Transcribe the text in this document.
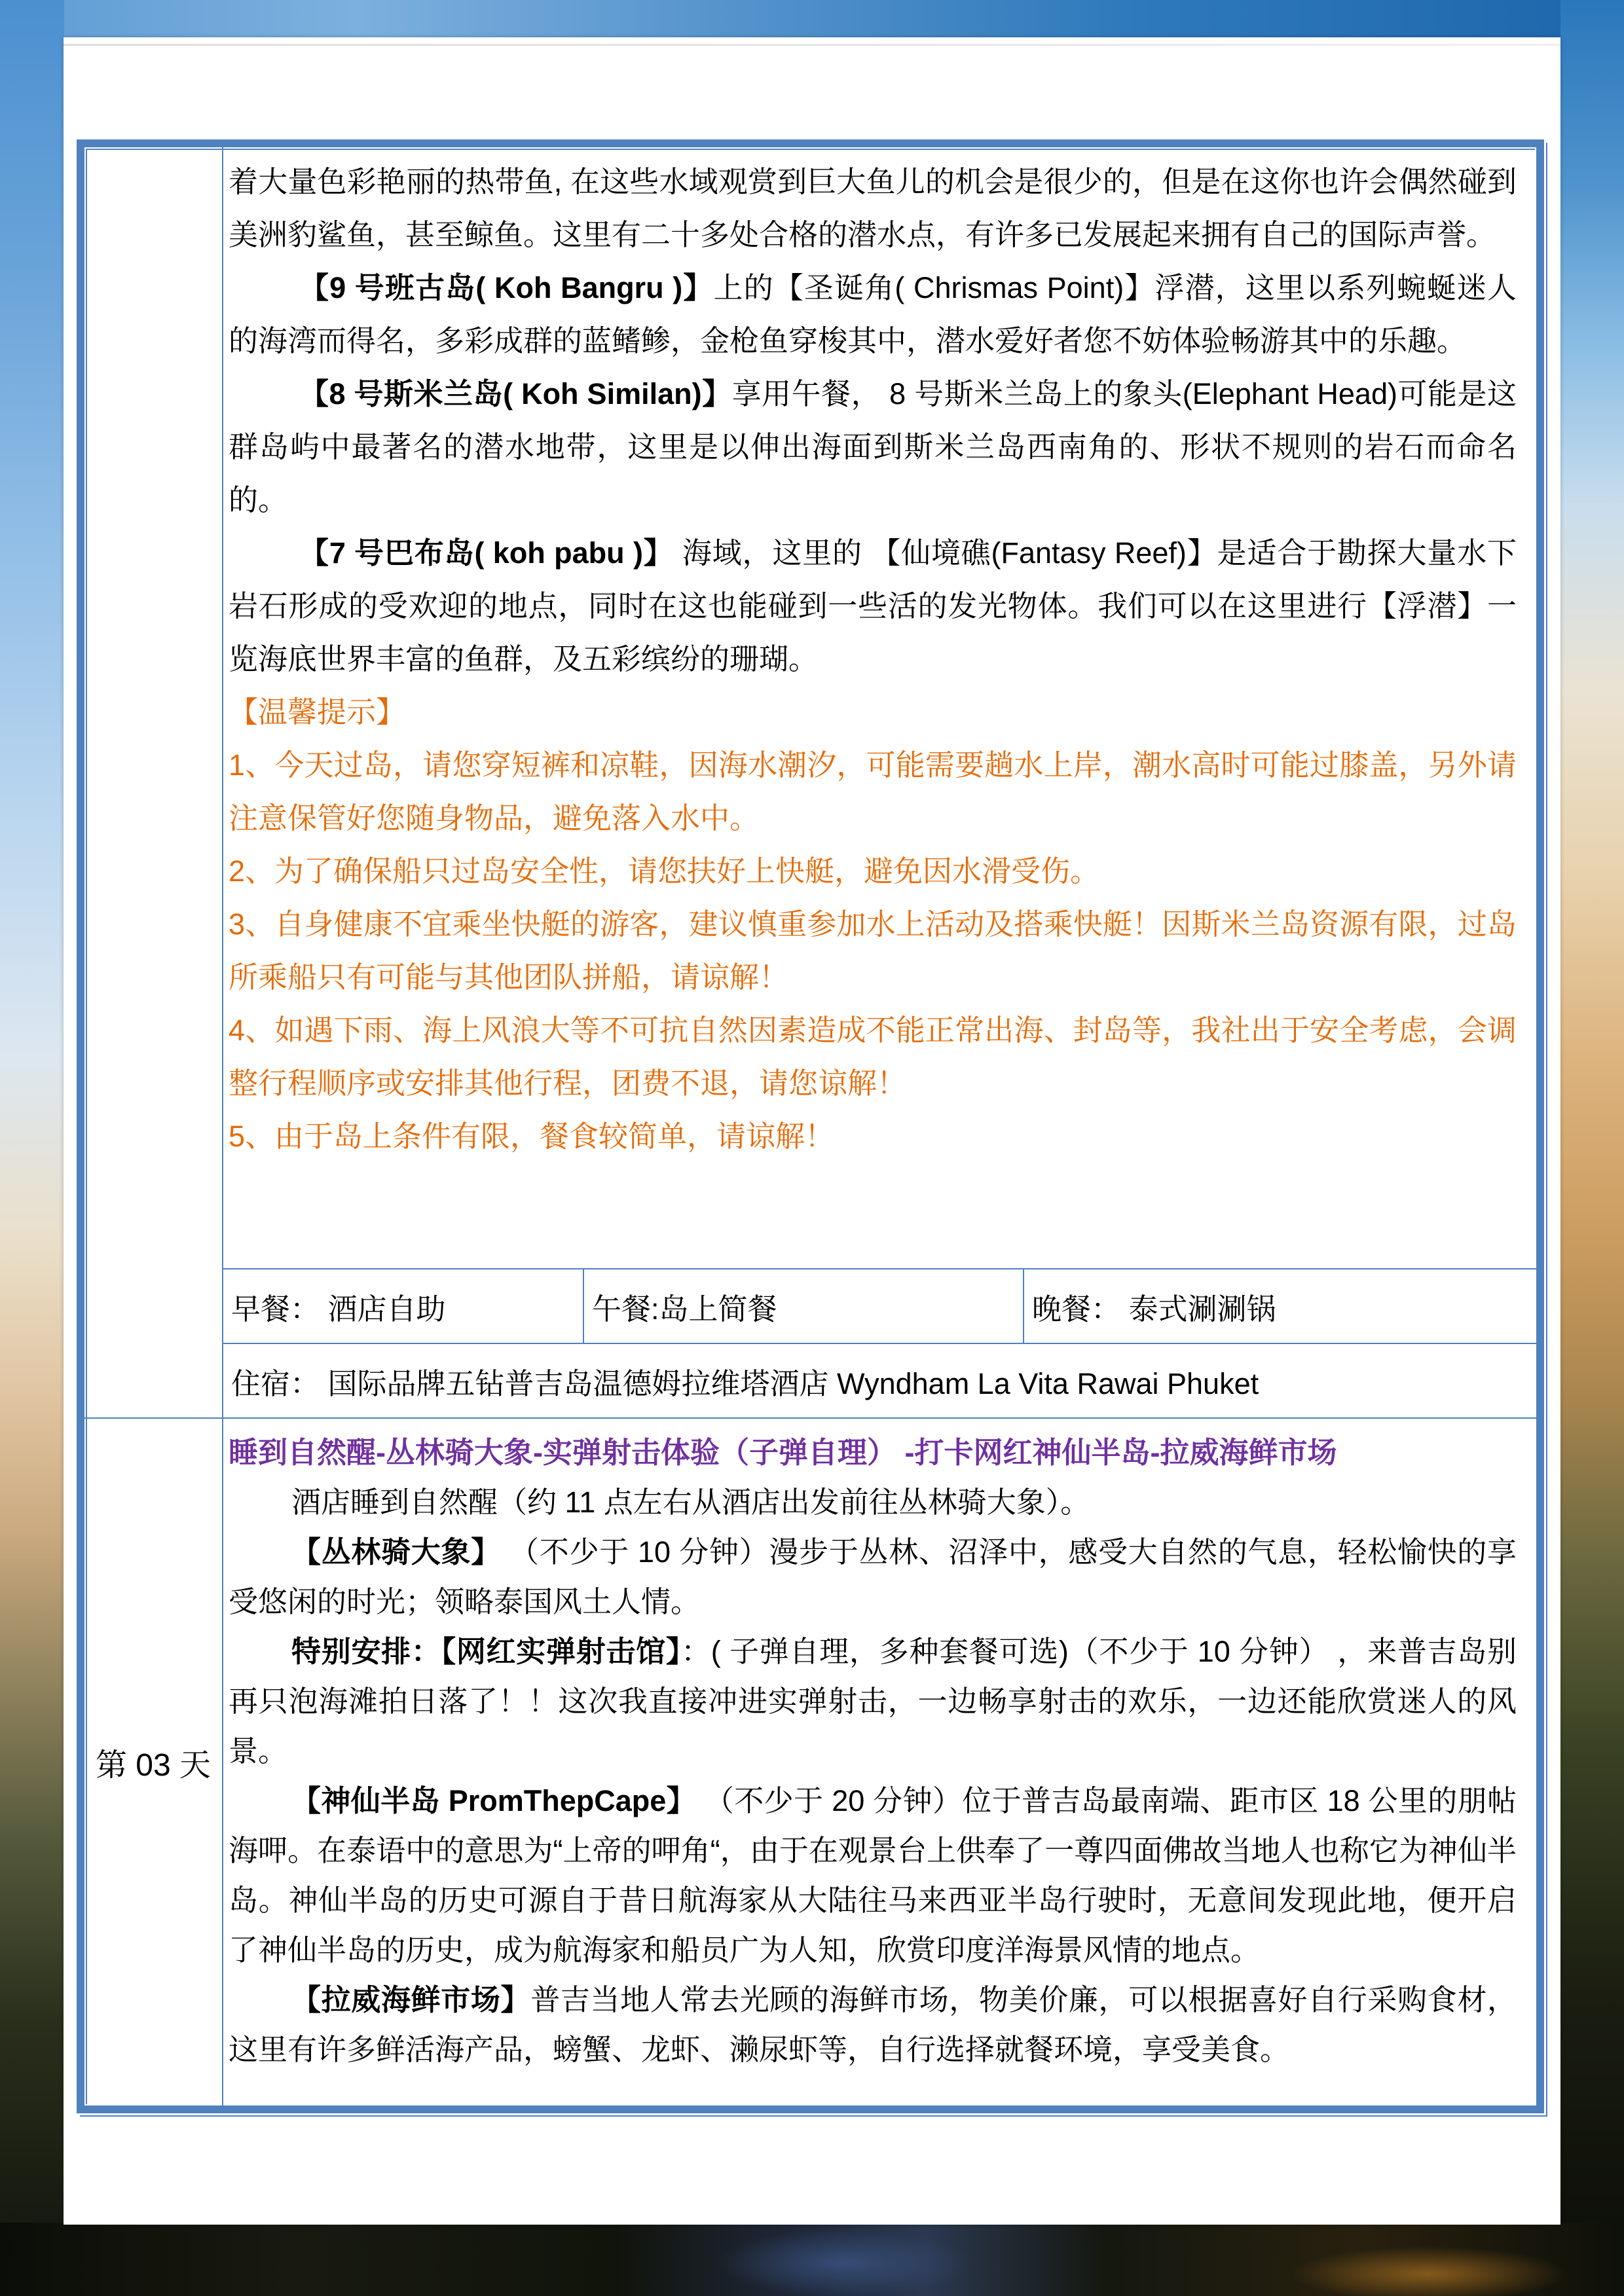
着大量色彩艳丽的热带鱼, 在这些水域观赏到巨大鱼儿的机会是很少的，但是在这你也许会偶然碰到美洲豹鲨鱼，甚至鲸鱼。这里有二十多处合格的潜水点，有许多已发展起来拥有自己的国际声誉。

【9 号班古岛( Koh Bangru )】上的【圣诞角( Chrismas Point)】浮潜，这里以系列蜿蜒迷人的海湾而得名，多彩成群的蓝鳍鲹，金枪鱼穿梭其中，潜水爱好者您不妨体验畅游其中的乐趣。

【8 号斯米兰岛( Koh Similan)】享用午餐， 8 号斯米兰岛上的象头(Elephant Head)可能是这群岛屿中最著名的潜水地带，这里是以伸出海面到斯米兰岛西南角的、形状不规则的岩石而命名的。

【7 号巴布岛( koh pabu )】 海域，这里的 【仙境礁(Fantasy Reef)】是适合于勘探大量水下岩石形成的受欢迎的地点，同时在这也能碰到一些活的发光物体。我们可以在这里进行【浮潜】一览海底世界丰富的鱼群，及五彩缤纷的珊瑚。

【温馨提示】

1、今天过岛，请您穿短裤和凉鞋，因海水潮汐，可能需要趟水上岸，潮水高时可能过膝盖，另外请注意保管好您随身物品，避免落入水中。

2、为了确保船只过岛安全性，请您扶好上快艇，避免因水滑受伤。

3、自身健康不宜乘坐快艇的游客，建议慎重参加水上活动及搭乘快艇！因斯米兰岛资源有限，过岛所乘船只有可能与其他团队拼船，请谅解！

4、如遇下雨、海上风浪大等不可抗自然因素造成不能正常出海、封岛等，我社出于安全考虑，会调整行程顺序或安排其他行程，团费不退，请您谅解！

5、由于岛上条件有限，餐食较简单，请谅解！

早餐： 酒店自助	午餐:岛上简餐	晚餐： 泰式涮涮锅
住宿： 国际品牌五钻普吉岛温德姆拉维塔酒店 Wyndham La Vita Rawai Phuket
第 03 天

睡到自然醒-丛林骑大象-实弹射击体验（子弹自理） -打卡网红神仙半岛-拉威海鲜市场

酒店睡到自然醒（约 11 点左右从酒店出发前往丛林骑大象）。

【丛林骑大象】 （不少于 10 分钟）漫步于丛林、沼泽中，感受大自然的气息，轻松愉快的享受悠闲的时光；领略泰国风土人情。

特别安排：【网红实弹射击馆】：( 子弹自理，多种套餐可选)（不少于 10 分钟） ，来普吉岛别再只泡海滩拍日落了！！这次我直接冲进实弹射击，一边畅享射击的欢乐，一边还能欣赏迷人的风景。

【神仙半岛 PromThepCape】 （不少于 20 分钟）位于普吉岛最南端、距市区 18 公里的朋帖海呷。在泰语中的意思为“上帝的呷角“，由于在观景台上供奉了一尊四面佛故当地人也称它为神仙半岛。神仙半岛的历史可源自于昔日航海家从大陆往马来西亚半岛行驶时，无意间发现此地，便开启了神仙半岛的历史，成为航海家和船员广为人知，欣赏印度洋海景风情的地点。

【拉威海鲜市场】普吉当地人常去光顾的海鲜市场，物美价廉，可以根据喜好自行采购食材，这里有许多鲜活海产品，螃蟹、龙虾、濑尿虾等，自行选择就餐环境，享受美食。
